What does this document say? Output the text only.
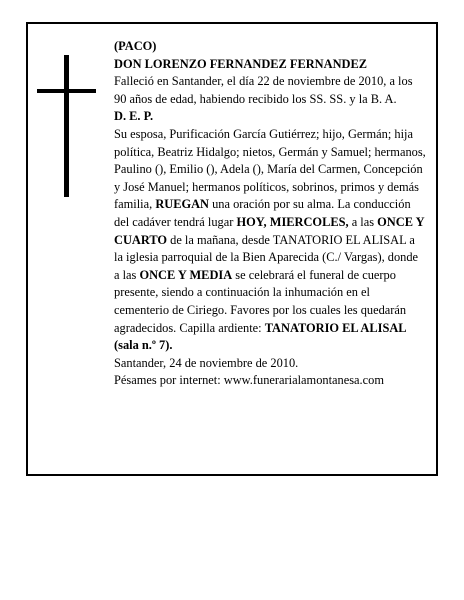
(PACO)

DON LORENZO FERNANDEZ FERNANDEZ

Falleció en Santander, el día 22 de noviembre de 2010, a los 90 años de edad, habiendo recibido los SS. SS. y la B. A.

D. E. P.

Su esposa, Purificación García Gutiérrez; hijo, Germán; hija política, Beatriz Hidalgo; nietos, Germán y Samuel; hermanos, Paulino (), Emilio (), Adela (), María del Carmen, Concepción y José Manuel; hermanos políticos, sobrinos, primos y demás familia, RUEGAN una oración por su alma. La conducción del cadáver tendrá lugar HOY, MIERCOLES, a las ONCE Y CUARTO de la mañana, desde TANATORIO EL ALISAL a la iglesia parroquial de la Bien Aparecida (C./ Vargas), donde a las ONCE Y MEDIA se celebrará el funeral de cuerpo presente, siendo a continuación la inhumación en el cementerio de Ciriego. Favores por los cuales les quedarán agradecidos. Capilla ardiente: TANATORIO EL ALISAL (sala n.º 7).

Santander, 24 de noviembre de 2010.

Pésames por internet: www.funerarialamontanesa.com
